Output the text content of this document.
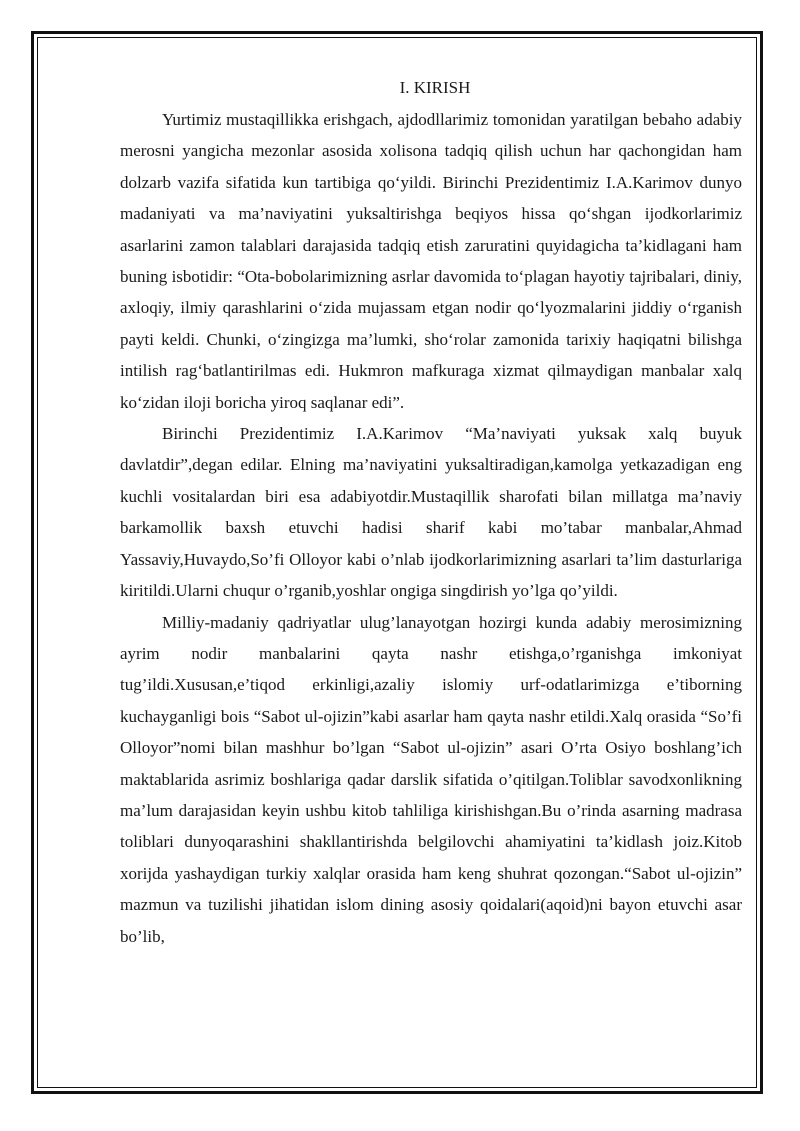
I. KIRISH

Yurtimiz mustaqillikka erishgach, ajdodllarimiz tomonidan yaratilgan bebaho adabiy merosni yangicha mezonlar asosida xolisona tadqiq qilish uchun har qachongidan ham dolzarb vazifa sifatida kun tartibiga qo‘yildi. Birinchi Prezidentimiz I.A.Karimov dunyo madaniyati va ma’naviyatini yuksaltirishga beqiyos hissa qo‘shgan ijodkorlarimiz asarlarini zamon talablari darajasida tadqiq etish zaruratini quyidagicha ta’kidlagani ham buning isbotidir: “Ota-bobolarimizning asrlar davomida to‘plagan hayotiy tajribalari, diniy, axloqiy, ilmiy qarashlarini o‘zida mujassam etgan nodir qo‘lyozmalarini jiddiy o‘rganish payti keldi. Chunki, o‘zingizga ma’lumki, sho‘rolar zamonida tarixiy haqiqatni bilishga intilish rag‘batlantirilmas edi. Hukmron mafkuraga xizmat qilmaydigan manbalar xalq ko‘zidan iloji boricha yiroq saqlanar edi”.

Birinchi Prezidentimiz I.A.Karimov “Ma’naviyati yuksak xalq buyuk davlatdir”,degan edilar. Elning ma’naviyatini yuksaltiradigan,kamolga yetkazadigan eng kuchli vositalardan biri esa adabiyotdir.Mustaqillik sharofati bilan millatga ma’naviy barkamollik baxsh etuvchi hadisi sharif kabi mo’tabar manbalar,Ahmad Yassaviy,Huvaydo,So’fi Olloyor kabi o’nlab ijodkorlarimizning asarlari ta’lim dasturlariga kiritildi.Ularni chuqur o’rganib,yoshlar ongiga singdirish yo’lga qo’yildi.

Milliy-madaniy qadriyatlar ulug’lanayotgan hozirgi kunda adabiy merosimizning ayrim nodir manbalarini qayta nashr etishga,o’rganishga imkoniyat tug’ildi.Xususan,e’tiqod erkinligi,azaliy islomiy urf-odatlarimizga e’tiborning kuchayganligi bois “Sabot ul-ojizin”kabi asarlar ham qayta nashr etildi.Xalq orasida “So’fi Olloyor”nomi bilan mashhur bo’lgan “Sabot ul-ojizin” asari O’rta Osiyo boshlang’ich maktablarida asrimiz boshlariga qadar darslik sifatida o’qitilgan.Toliblar savodxonlikning ma’lum darajasidan keyin ushbu kitob tahliliga kirishishgan.Bu o’rinda asarning madrasa toliblari dunyoqarashini shakllantirishda belgilovchi ahamiyatini ta’kidlash joiz.Kitob xorijda yashaydigan turkiy xalqlar orasida ham keng shuhrat qozongan.“Sabot ul-ojizin” mazmun va tuzilishi jihatidan islom dining asosiy qoidalari(aqoid)ni bayon etuvchi asar bo’lib,
